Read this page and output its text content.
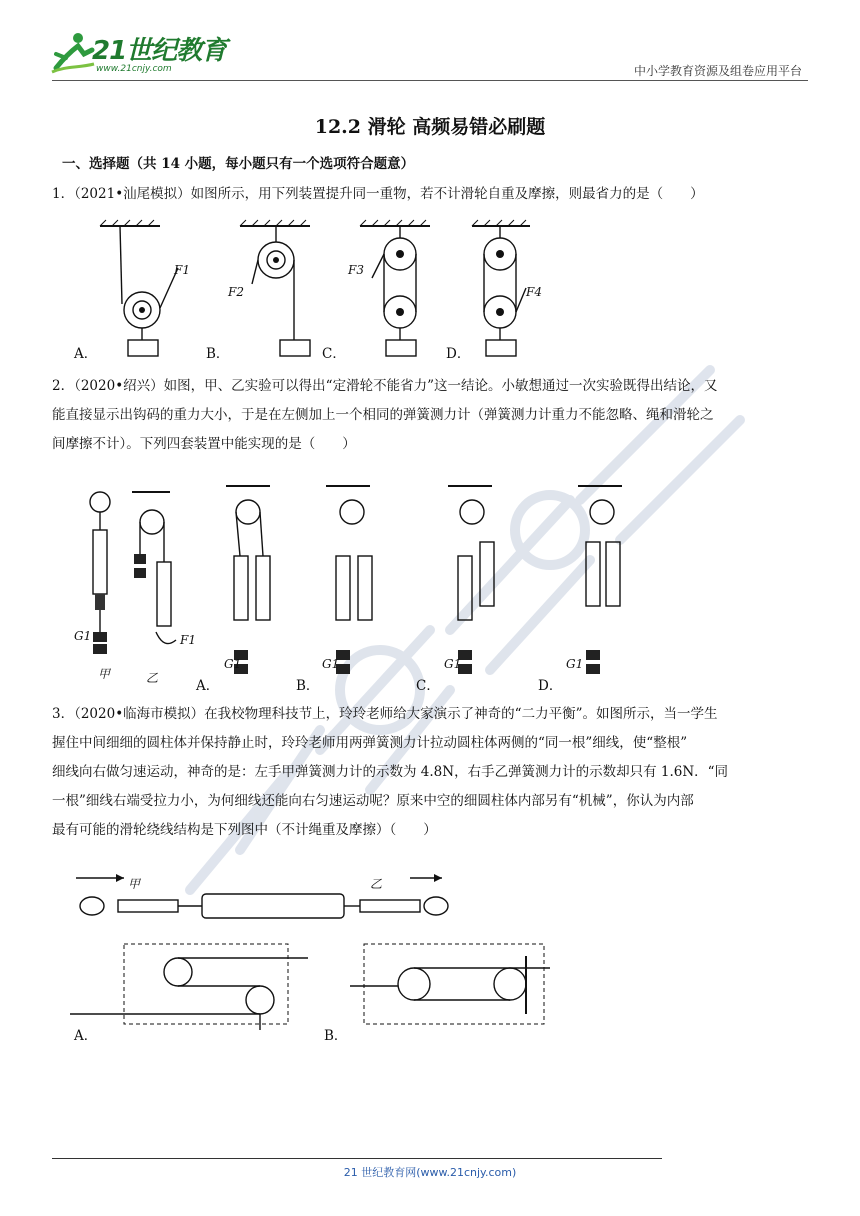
21世纪教育
www.21cnjy.com	中小学教育资源及组卷应用平台
12.2 滑轮 高频易错必刷题
一、选择题（共 14 小题，每小题只有一个选项符合题意）
1．（2021•汕尾模拟）如图所示，用下列装置提升同一重物，若不计滑轮自重及摩擦，则最省力的是（　　）
F1
F2
F3
F4
A．	B．	C．	D．
2．（2020•绍兴）如图，甲、乙实验可以得出“定滑轮不能省力”这一结论。小敏想通过一次实验既得出结论，又
能直接显示出钩码的重力大小，于是在左侧加上一个相同的弹簧测力计（弹簧测力计重力不能忽略、绳和滑轮之
间摩擦不计）。下列四套装置中能实现的是（　　）
G1	F1
甲	乙
G1	G1	G1	G1
A．	B．	C．	D．
3．（2020•临海市模拟）在我校物理科技节上，玲玲老师给大家演示了神奇的“二力平衡”。如图所示，当一学生
握住中间细细的圆柱体并保持静止时，玲玲老师用两弹簧测力计拉动圆柱体两侧的“同一根”细线，使“整根”
细线向右做匀速运动，神奇的是：左手甲弹簧测力计的示数为 4.8N，右手乙弹簧测力计的示数却只有 1.6N．“同
一根”细线右端受拉力小，为何细线还能向右匀速运动呢？原来中空的细圆柱体内部另有“机械”，你认为内部
最有可能的滑轮绕线结构是下列图中（不计绳重及摩擦）（　　）
甲	乙
A．	B．
21 世纪教育网(www.21cnjy.com)
